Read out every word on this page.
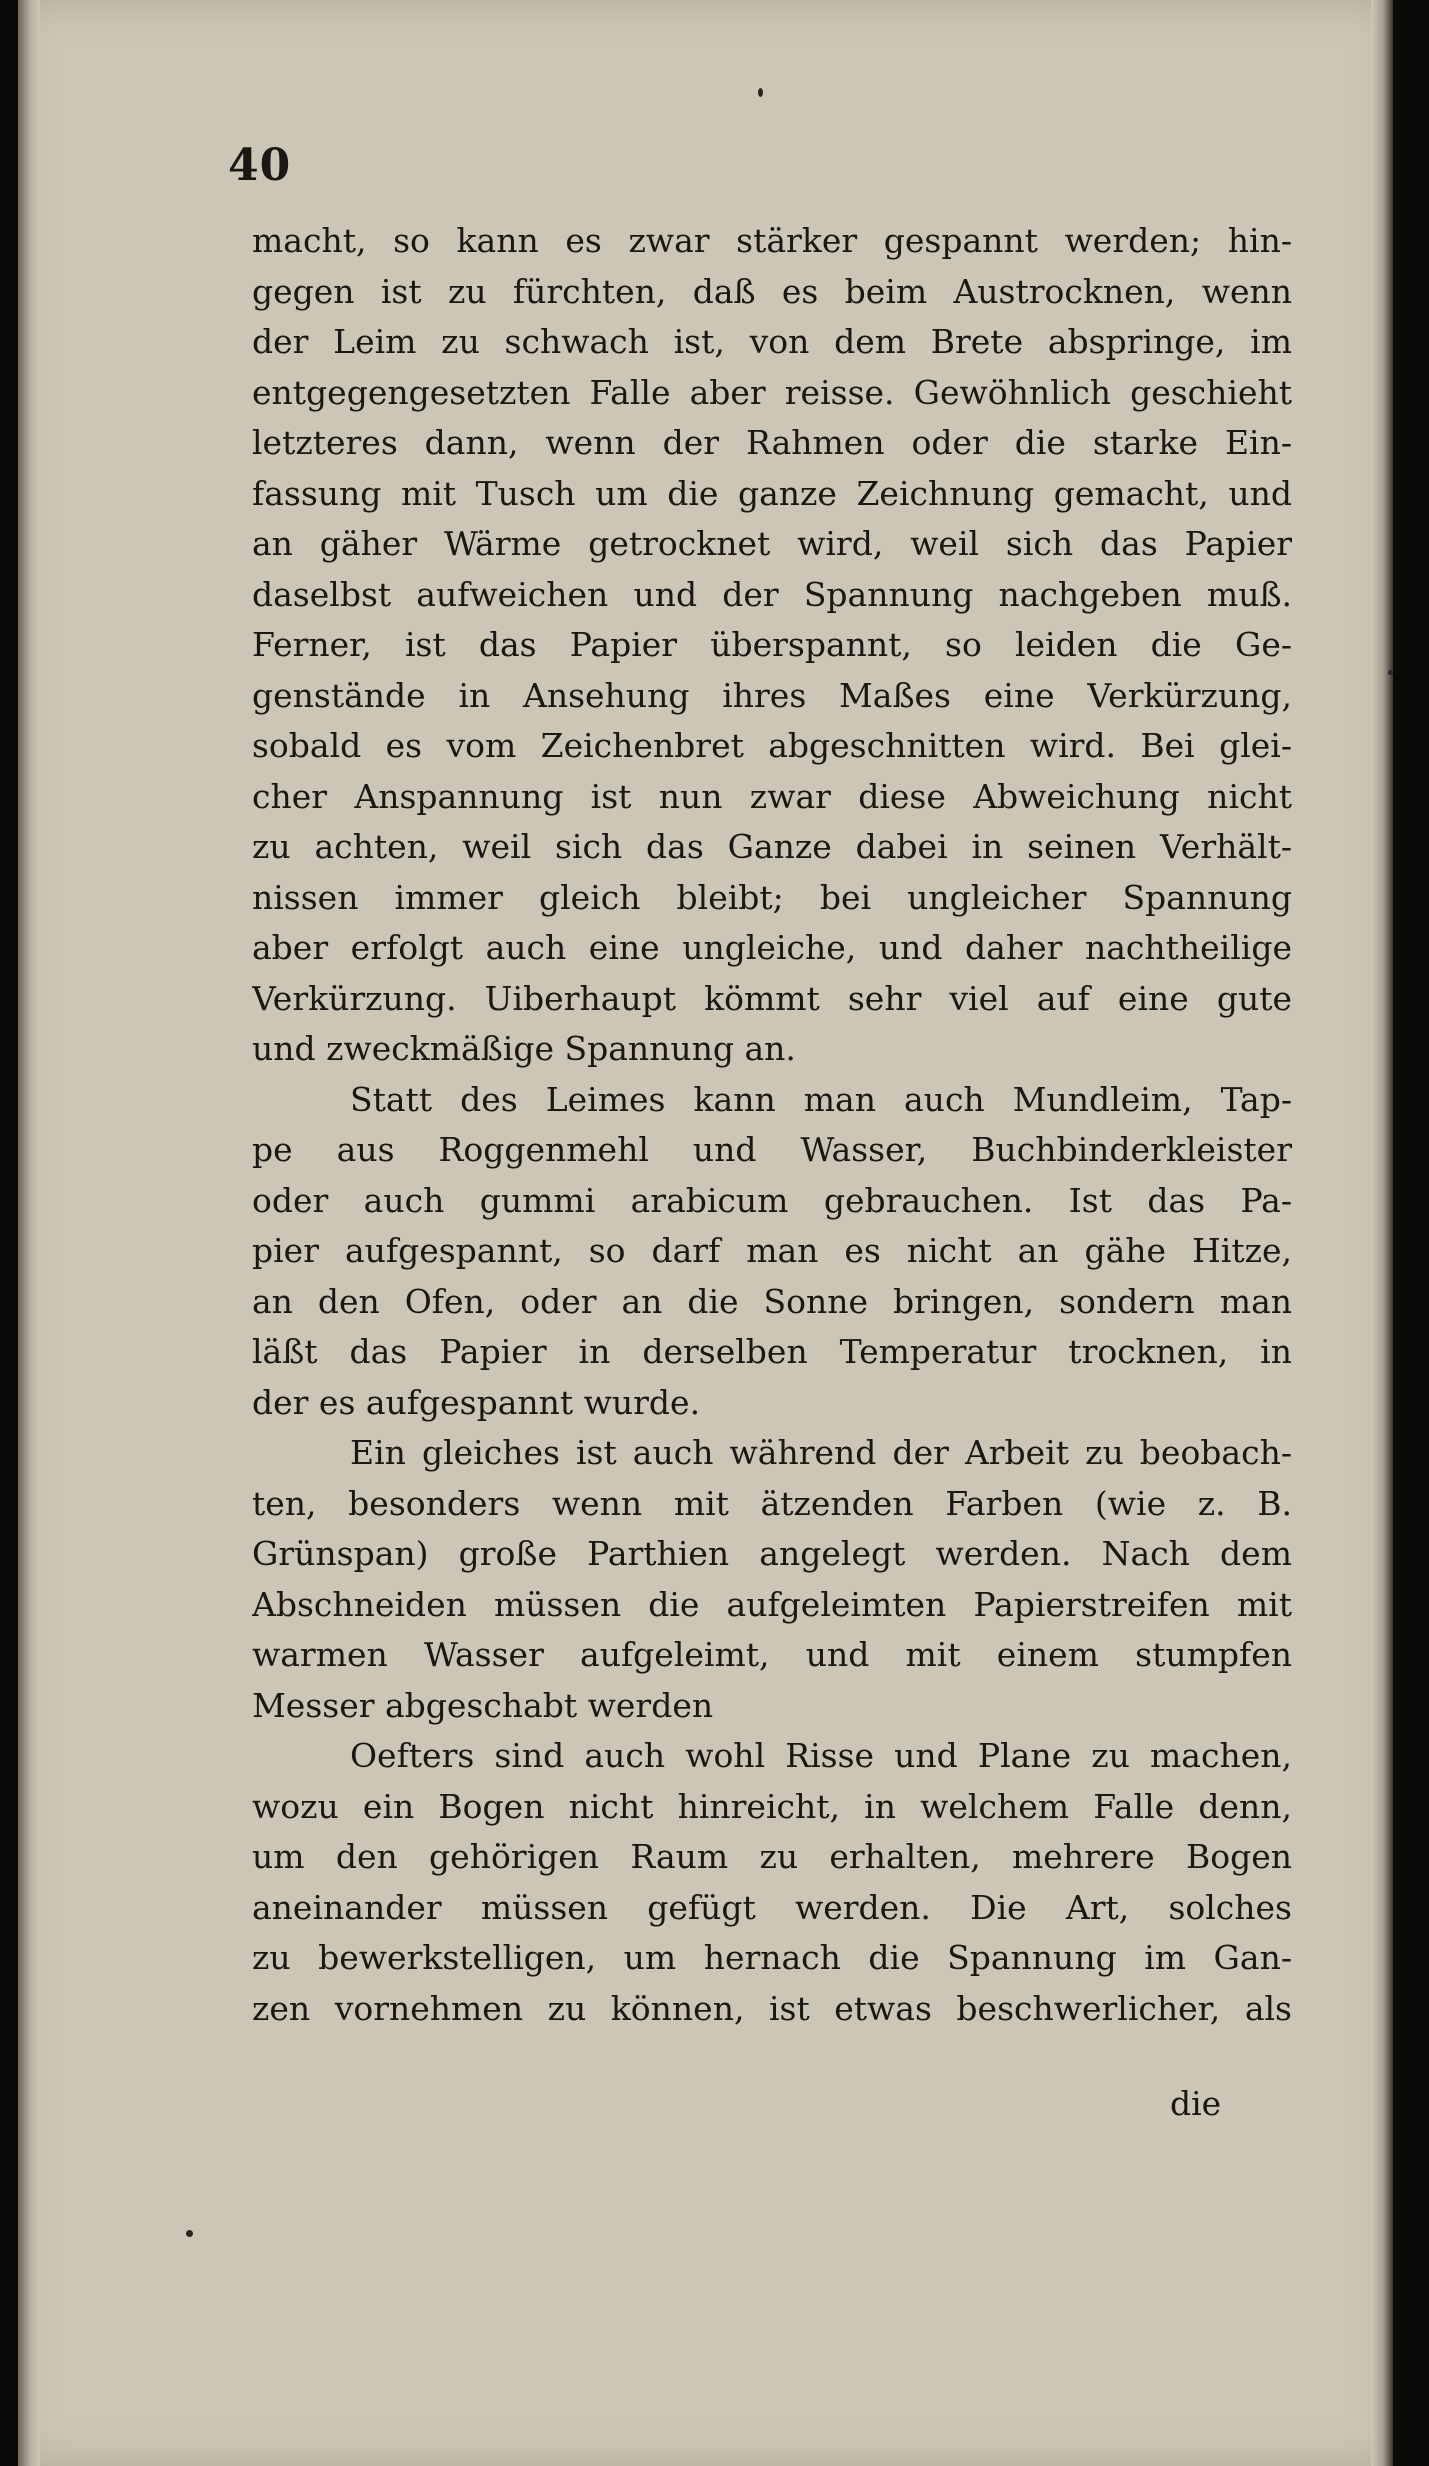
40
macht, so kann es zwar stärker gespannt werden; hin-
gegen ist zu fürchten, daß es beim Austrocknen, wenn
der Leim zu schwach ist, von dem Brete abspringe, im
entgegengesetzten Falle aber reisse. Gewöhnlich geschieht
letzteres dann, wenn der Rahmen oder die starke Ein-
fassung mit Tusch um die ganze Zeichnung gemacht, und
an gäher Wärme getrocknet wird, weil sich das Papier
daselbst aufweichen und der Spannung nachgeben muß.
Ferner, ist das Papier überspannt, so leiden die Ge-
genstände in Ansehung ihres Maßes eine Verkürzung,
sobald es vom Zeichenbret abgeschnitten wird. Bei glei-
cher Anspannung ist nun zwar diese Abweichung nicht
zu achten, weil sich das Ganze dabei in seinen Verhält-
nissen immer gleich bleibt; bei ungleicher Spannung
aber erfolgt auch eine ungleiche, und daher nachtheilige
Verkürzung. Uiberhaupt kömmt sehr viel auf eine gute
und zweckmäßige Spannung an.
Statt des Leimes kann man auch Mundleim, Tap-
pe aus Roggenmehl und Wasser, Buchbinderkleister
oder auch gummi arabicum gebrauchen. Ist das Pa-
pier aufgespannt, so darf man es nicht an gähe Hitze,
an den Ofen, oder an die Sonne bringen, sondern man
läßt das Papier in derselben Temperatur trocknen, in
der es aufgespannt wurde.
Ein gleiches ist auch während der Arbeit zu beobach-
ten, besonders wenn mit ätzenden Farben (wie z. B.
Grünspan) große Parthien angelegt werden. Nach dem
Abschneiden müssen die aufgeleimten Papierstreifen mit
warmen Wasser aufgeleimt, und mit einem stumpfen
Messer abgeschabt werden
Oefters sind auch wohl Risse und Plane zu machen,
wozu ein Bogen nicht hinreicht, in welchem Falle denn,
um den gehörigen Raum zu erhalten, mehrere Bogen
aneinander müssen gefügt werden. Die Art, solches
zu bewerkstelligen, um hernach die Spannung im Gan-
zen vornehmen zu können, ist etwas beschwerlicher, als
die
